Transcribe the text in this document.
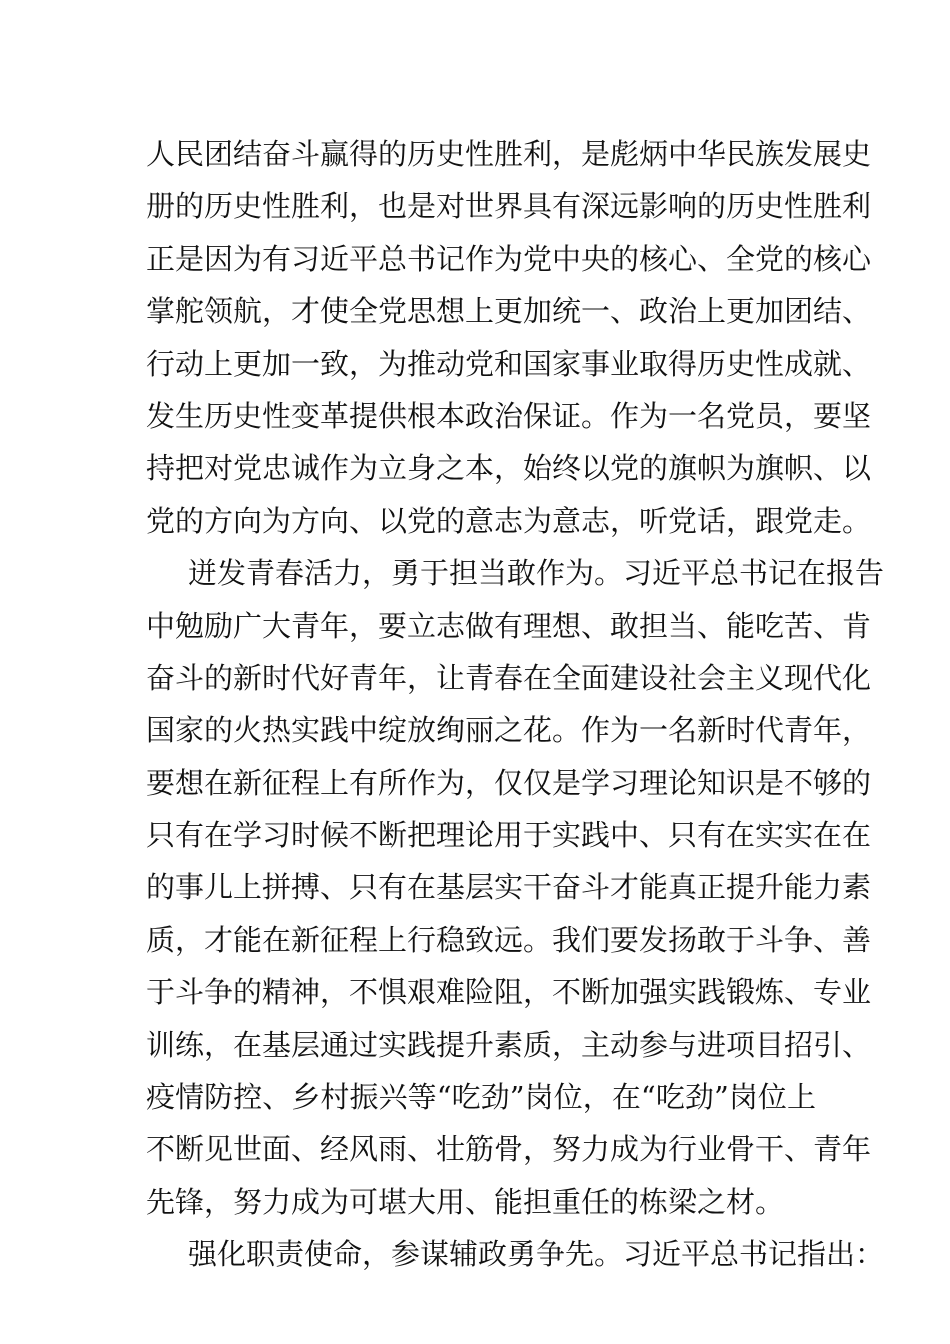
人民团结奋斗赢得的历史性胜利，是彪炳中华民族发展史
册的历史性胜利，也是对世界具有深远影响的历史性胜利
正是因为有习近平总书记作为党中央的核心、全党的核心
掌舵领航，才使全党思想上更加统一、政治上更加团结、
行动上更加一致，为推动党和国家事业取得历史性成就、
发生历史性变革提供根本政治保证。作为一名党员，要坚
持把对党忠诚作为立身之本，始终以党的旗帜为旗帜、以
党的方向为方向、以党的意志为意志，听党话，跟党走。
迸发青春活力，勇于担当敢作为。习近平总书记在报告
中勉励广大青年，要立志做有理想、敢担当、能吃苦、肯
奋斗的新时代好青年，让青春在全面建设社会主义现代化
国家的火热实践中绽放绚丽之花。作为一名新时代青年，
要想在新征程上有所作为，仅仅是学习理论知识是不够的
只有在学习时候不断把理论用于实践中、只有在实实在在
的事儿上拼搏、只有在基层实干奋斗才能真正提升能力素
质，才能在新征程上行稳致远。我们要发扬敢于斗争、善
于斗争的精神，不惧艰难险阻，不断加强实践锻炼、专业
训练，在基层通过实践提升素质，主动参与进项目招引、
疫情防控、乡村振兴等“吃劲”岗位，在“吃劲”岗位上
不断见世面、经风雨、壮筋骨，努力成为行业骨干、青年
先锋，努力成为可堪大用、能担重任的栋梁之材。
强化职责使命，参谋辅政勇争先。习近平总书记指出：
